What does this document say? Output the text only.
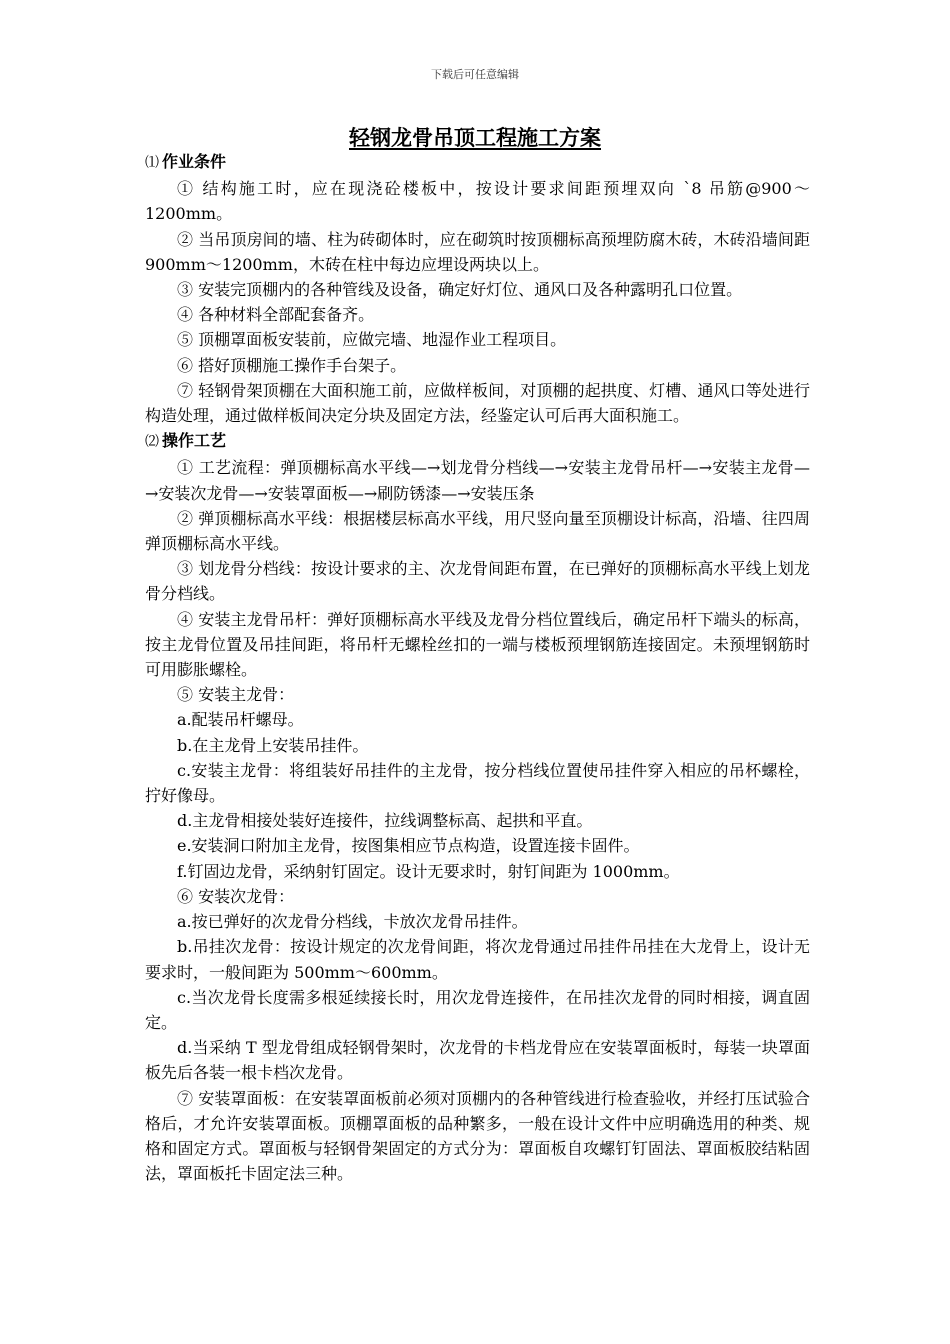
下载后可任意编辑
轻钢龙骨吊顶工程施工方案

⑴ 作业条件

① 结构施工时，应在现浇砼楼板中，按设计要求间距预埋双向 `8 吊筋@900～1200mm。

② 当吊顶房间的墙、柱为砖砌体时，应在砌筑时按顶棚标高预埋防腐木砖，木砖沿墙间距 900mm～1200mm，木砖在柱中每边应埋设两块以上。

③ 安装完顶棚内的各种管线及设备，确定好灯位、通风口及各种露明孔口位置。

④ 各种材料全部配套备齐。

⑤ 顶棚罩面板安装前，应做完墙、地湿作业工程项目。

⑥ 搭好顶棚施工操作手台架子。

⑦ 轻钢骨架顶棚在大面积施工前，应做样板间，对顶棚的起拱度、灯槽、通风口等处进行构造处理，通过做样板间决定分块及固定方法，经鉴定认可后再大面积施工。

⑵ 操作工艺

① 工艺流程：弹顶棚标高水平线—→划龙骨分档线—→安装主龙骨吊杆—→安装主龙骨—→安装次龙骨—→安装罩面板—→刷防锈漆—→安装压条

② 弹顶棚标高水平线：根据楼层标高水平线，用尺竖向量至顶棚设计标高，沿墙、往四周弹顶棚标高水平线。

③ 划龙骨分档线：按设计要求的主、次龙骨间距布置，在已弹好的顶棚标高水平线上划龙骨分档线。

④ 安装主龙骨吊杆：弹好顶棚标高水平线及龙骨分档位置线后，确定吊杆下端头的标高，按主龙骨位置及吊挂间距，将吊杆无螺栓丝扣的一端与楼板预埋钢筋连接固定。未预埋钢筋时可用膨胀螺栓。

⑤ 安装主龙骨：

a.配装吊杆螺母。

b.在主龙骨上安装吊挂件。

c.安装主龙骨：将组装好吊挂件的主龙骨，按分档线位置使吊挂件穿入相应的吊杯螺栓，拧好像母。

d.主龙骨相接处装好连接件，拉线调整标高、起拱和平直。

e.安装洞口附加主龙骨，按图集相应节点构造，设置连接卡固件。

f.钉固边龙骨，采纳射钉固定。设计无要求时，射钉间距为 1000mm。

⑥ 安装次龙骨：

a.按已弹好的次龙骨分档线，卡放次龙骨吊挂件。

b.吊挂次龙骨：按设计规定的次龙骨间距，将次龙骨通过吊挂件吊挂在大龙骨上，设计无要求时，一般间距为 500mm～600mm。

c.当次龙骨长度需多根延续接长时，用次龙骨连接件，在吊挂次龙骨的同时相接，调直固定。

d.当采纳 T 型龙骨组成轻钢骨架时，次龙骨的卡档龙骨应在安装罩面板时，每装一块罩面板先后各装一根卡档次龙骨。

⑦ 安装罩面板：在安装罩面板前必须对顶棚内的各种管线进行检查验收，并经打压试验合格后，才允许安装罩面板。顶棚罩面板的品种繁多，一般在设计文件中应明确选用的种类、规格和固定方式。罩面板与轻钢骨架固定的方式分为：罩面板自攻螺钉钉固法、罩面板胶结粘固法，罩面板托卡固定法三种。
